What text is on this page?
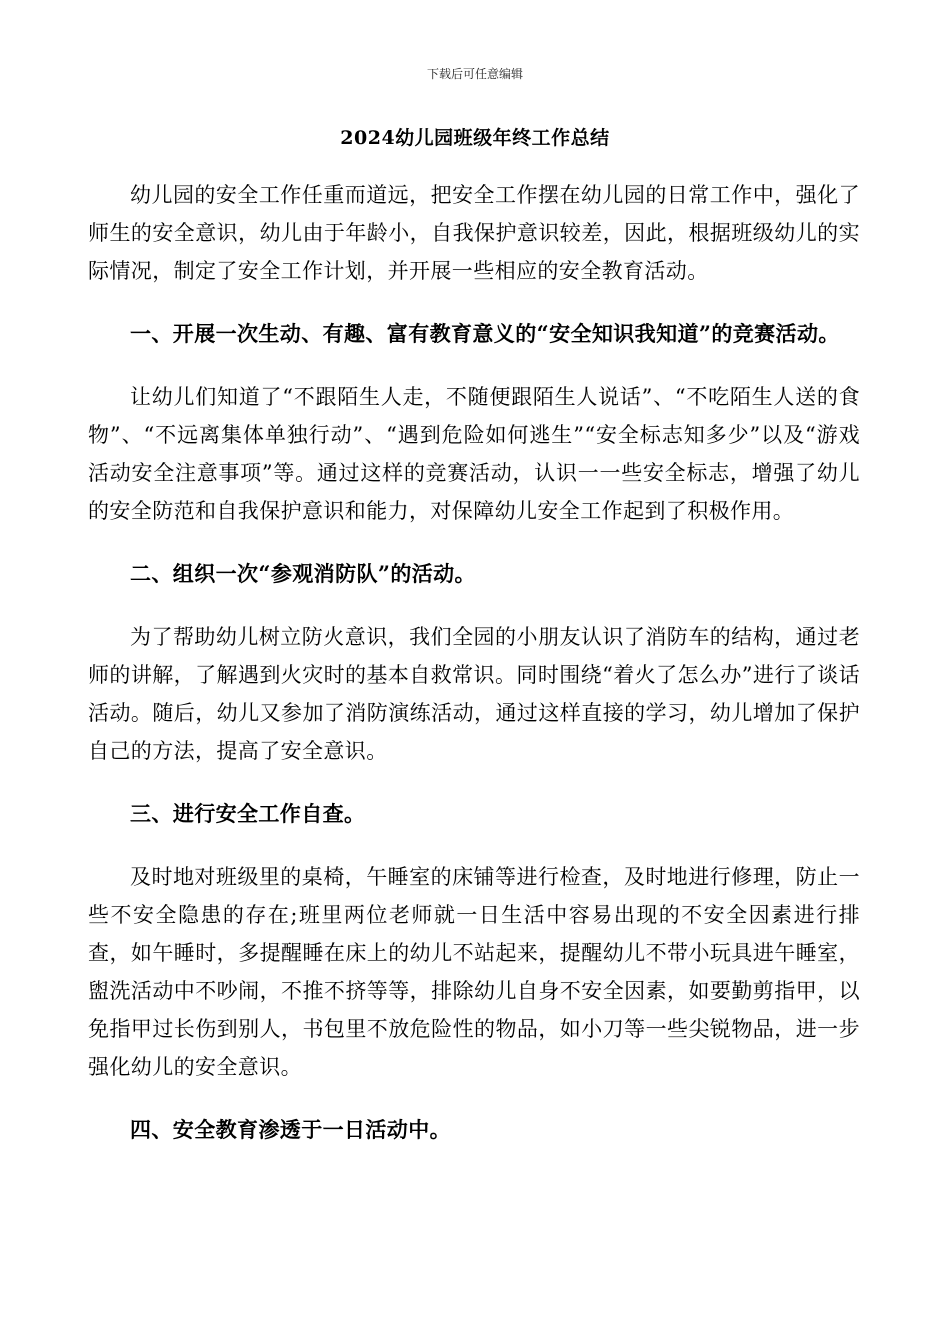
下载后可任意编辑
2024幼儿园班级年终工作总结

幼儿园的安全工作任重而道远，把安全工作摆在幼儿园的日常工作中，强化了师生的安全意识，幼儿由于年龄小，自我保护意识较差，因此，根据班级幼儿的实际情况，制定了安全工作计划，并开展一些相应的安全教育活动。

一、开展一次生动、有趣、富有教育意义的“安全知识我知道”的竞赛活动。

让幼儿们知道了“不跟陌生人走，不随便跟陌生人说话”、“不吃陌生人送的食物”、“不远离集体单独行动”、“遇到危险如何逃生”“安全标志知多少”以及“游戏活动安全注意事项”等。通过这样的竞赛活动，认识一一些安全标志，增强了幼儿的安全防范和自我保护意识和能力，对保障幼儿安全工作起到了积极作用。

二、组织一次“参观消防队”的活动。

为了帮助幼儿树立防火意识，我们全园的小朋友认识了消防车的结构，通过老师的讲解，了解遇到火灾时的基本自救常识。同时围绕“着火了怎么办”进行了谈话活动。随后，幼儿又参加了消防演练活动，通过这样直接的学习，幼儿增加了保护自己的方法，提高了安全意识。

三、进行安全工作自查。

及时地对班级里的桌椅，午睡室的床铺等进行检查，及时地进行修理，防止一些不安全隐患的存在;班里两位老师就一日生活中容易出现的不安全因素进行排查，如午睡时，多提醒睡在床上的幼儿不站起来，提醒幼儿不带小玩具进午睡室，盥洗活动中不吵闹，不推不挤等等，排除幼儿自身不安全因素，如要勤剪指甲，以免指甲过长伤到别人，书包里不放危险性的物品，如小刀等一些尖锐物品，进一步强化幼儿的安全意识。

四、安全教育渗透于一日活动中。
